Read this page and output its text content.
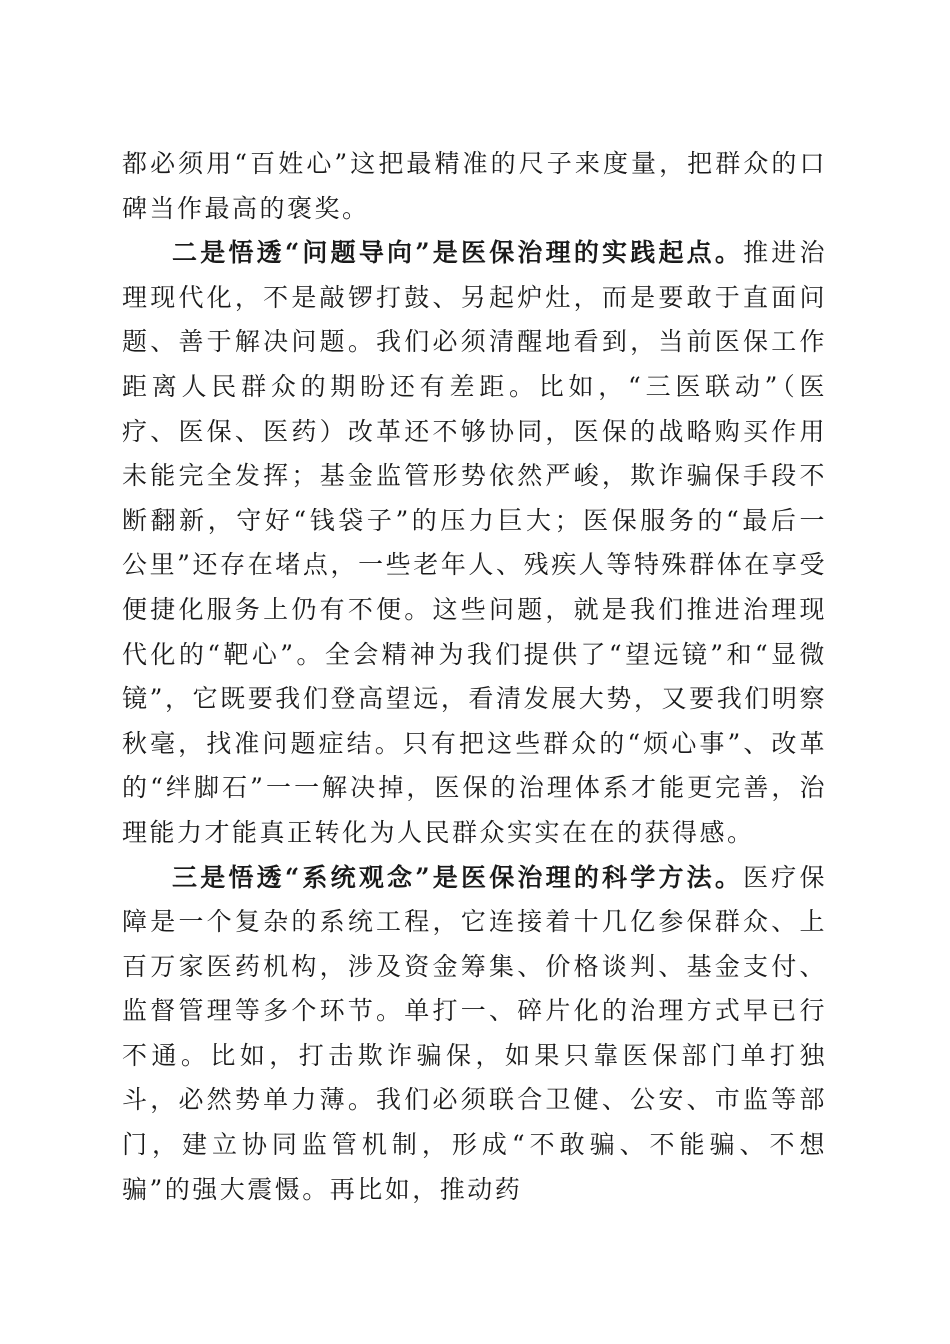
都必须用“百姓心”这把最精准的尺子来度量，把群众的口碑当作最高的褒奖。

二是悟透“问题导向”是医保治理的实践起点。推进治理现代化，不是敲锣打鼓、另起炉灶，而是要敢于直面问题、善于解决问题。我们必须清醒地看到，当前医保工作距离人民群众的期盼还有差距。比如，“三医联动”（医疗、医保、医药）改革还不够协同，医保的战略购买作用未能完全发挥；基金监管形势依然严峻，欺诈骗保手段不断翻新，守好“钱袋子”的压力巨大；医保服务的“最后一公里”还存在堵点，一些老年人、残疾人等特殊群体在享受便捷化服务上仍有不便。这些问题，就是我们推进治理现代化的“靶心”。全会精神为我们提供了“望远镜”和“显微镜”，它既要我们登高望远，看清发展大势，又要我们明察秋毫，找准问题症结。只有把这些群众的“烦心事”、改革的“绊脚石”一一解决掉，医保的治理体系才能更完善，治理能力才能真正转化为人民群众实实在在的获得感。

三是悟透“系统观念”是医保治理的科学方法。医疗保障是一个复杂的系统工程，它连接着十几亿参保群众、上百万家医药机构，涉及资金筹集、价格谈判、基金支付、监督管理等多个环节。单打一、碎片化的治理方式早已行不通。比如，打击欺诈骗保，如果只靠医保部门单打独斗，必然势单力薄。我们必须联合卫健、公安、市监等部门，建立协同监管机制，形成“不敢骗、不能骗、不想骗”的强大震慑。再比如，推动药
